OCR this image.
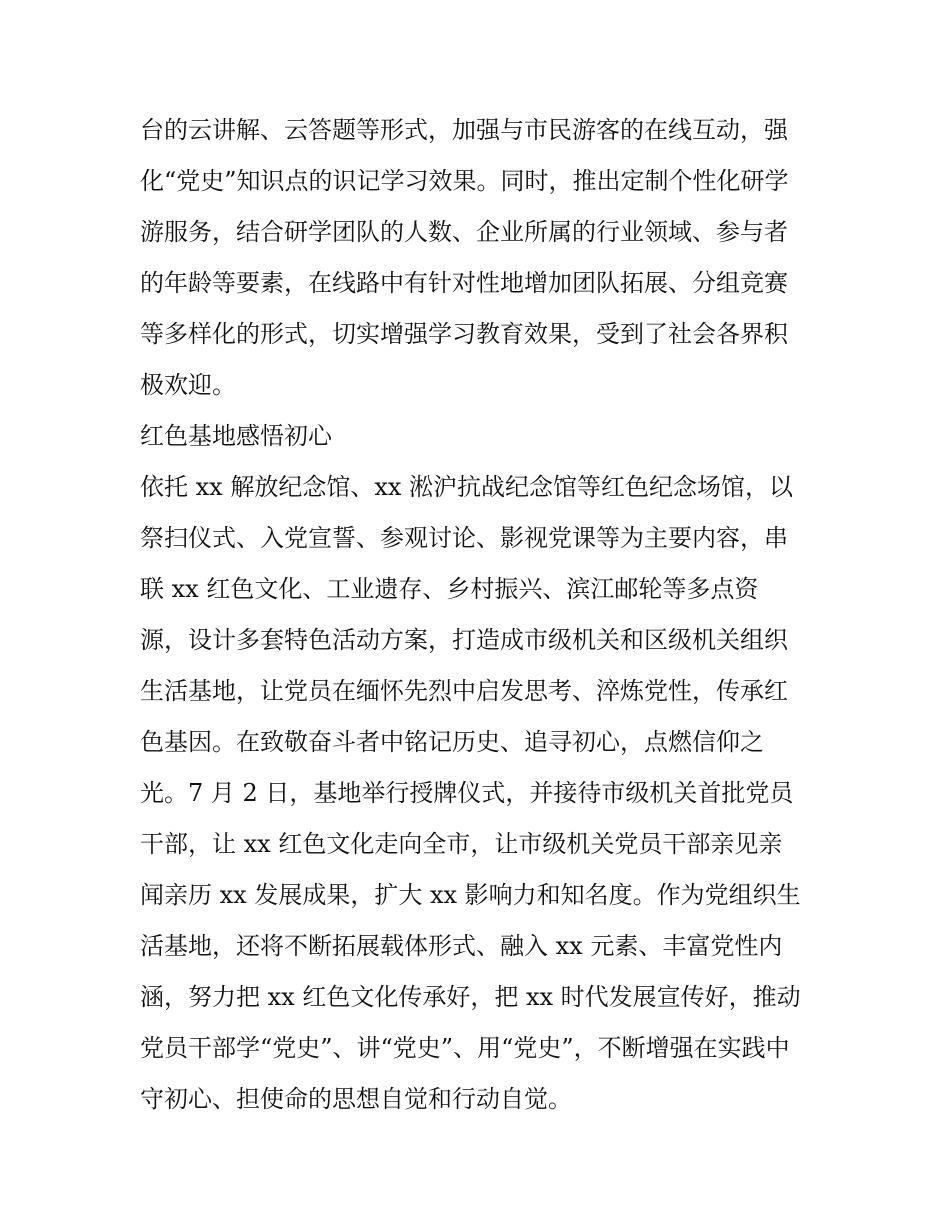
台的云讲解、云答题等形式，加强与市民游客的在线互动，强
化“党史”知识点的识记学习效果。同时，推出定制个性化研学
游服务，结合研学团队的人数、企业所属的行业领域、参与者
的年龄等要素，在线路中有针对性地增加团队拓展、分组竞赛
等多样化的形式，切实增强学习教育效果，受到了社会各界积
极欢迎。
红色基地感悟初心
依托 xx 解放纪念馆、xx 淞沪抗战纪念馆等红色纪念场馆，以
祭扫仪式、入党宣誓、参观讨论、影视党课等为主要内容，串
联 xx 红色文化、工业遗存、乡村振兴、滨江邮轮等多点资
源，设计多套特色活动方案，打造成市级机关和区级机关组织
生活基地，让党员在缅怀先烈中启发思考、淬炼党性，传承红
色基因。在致敬奋斗者中铭记历史、追寻初心，点燃信仰之
光。7 月 2 日，基地举行授牌仪式，并接待市级机关首批党员
干部，让 xx 红色文化走向全市，让市级机关党员干部亲见亲
闻亲历 xx 发展成果，扩大 xx 影响力和知名度。作为党组织生
活基地，还将不断拓展载体形式、融入 xx 元素、丰富党性内
涵，努力把 xx 红色文化传承好，把 xx 时代发展宣传好，推动
党员干部学“党史”、讲“党史”、用“党史”，不断增强在实践中
守初心、担使命的思想自觉和行动自觉。
